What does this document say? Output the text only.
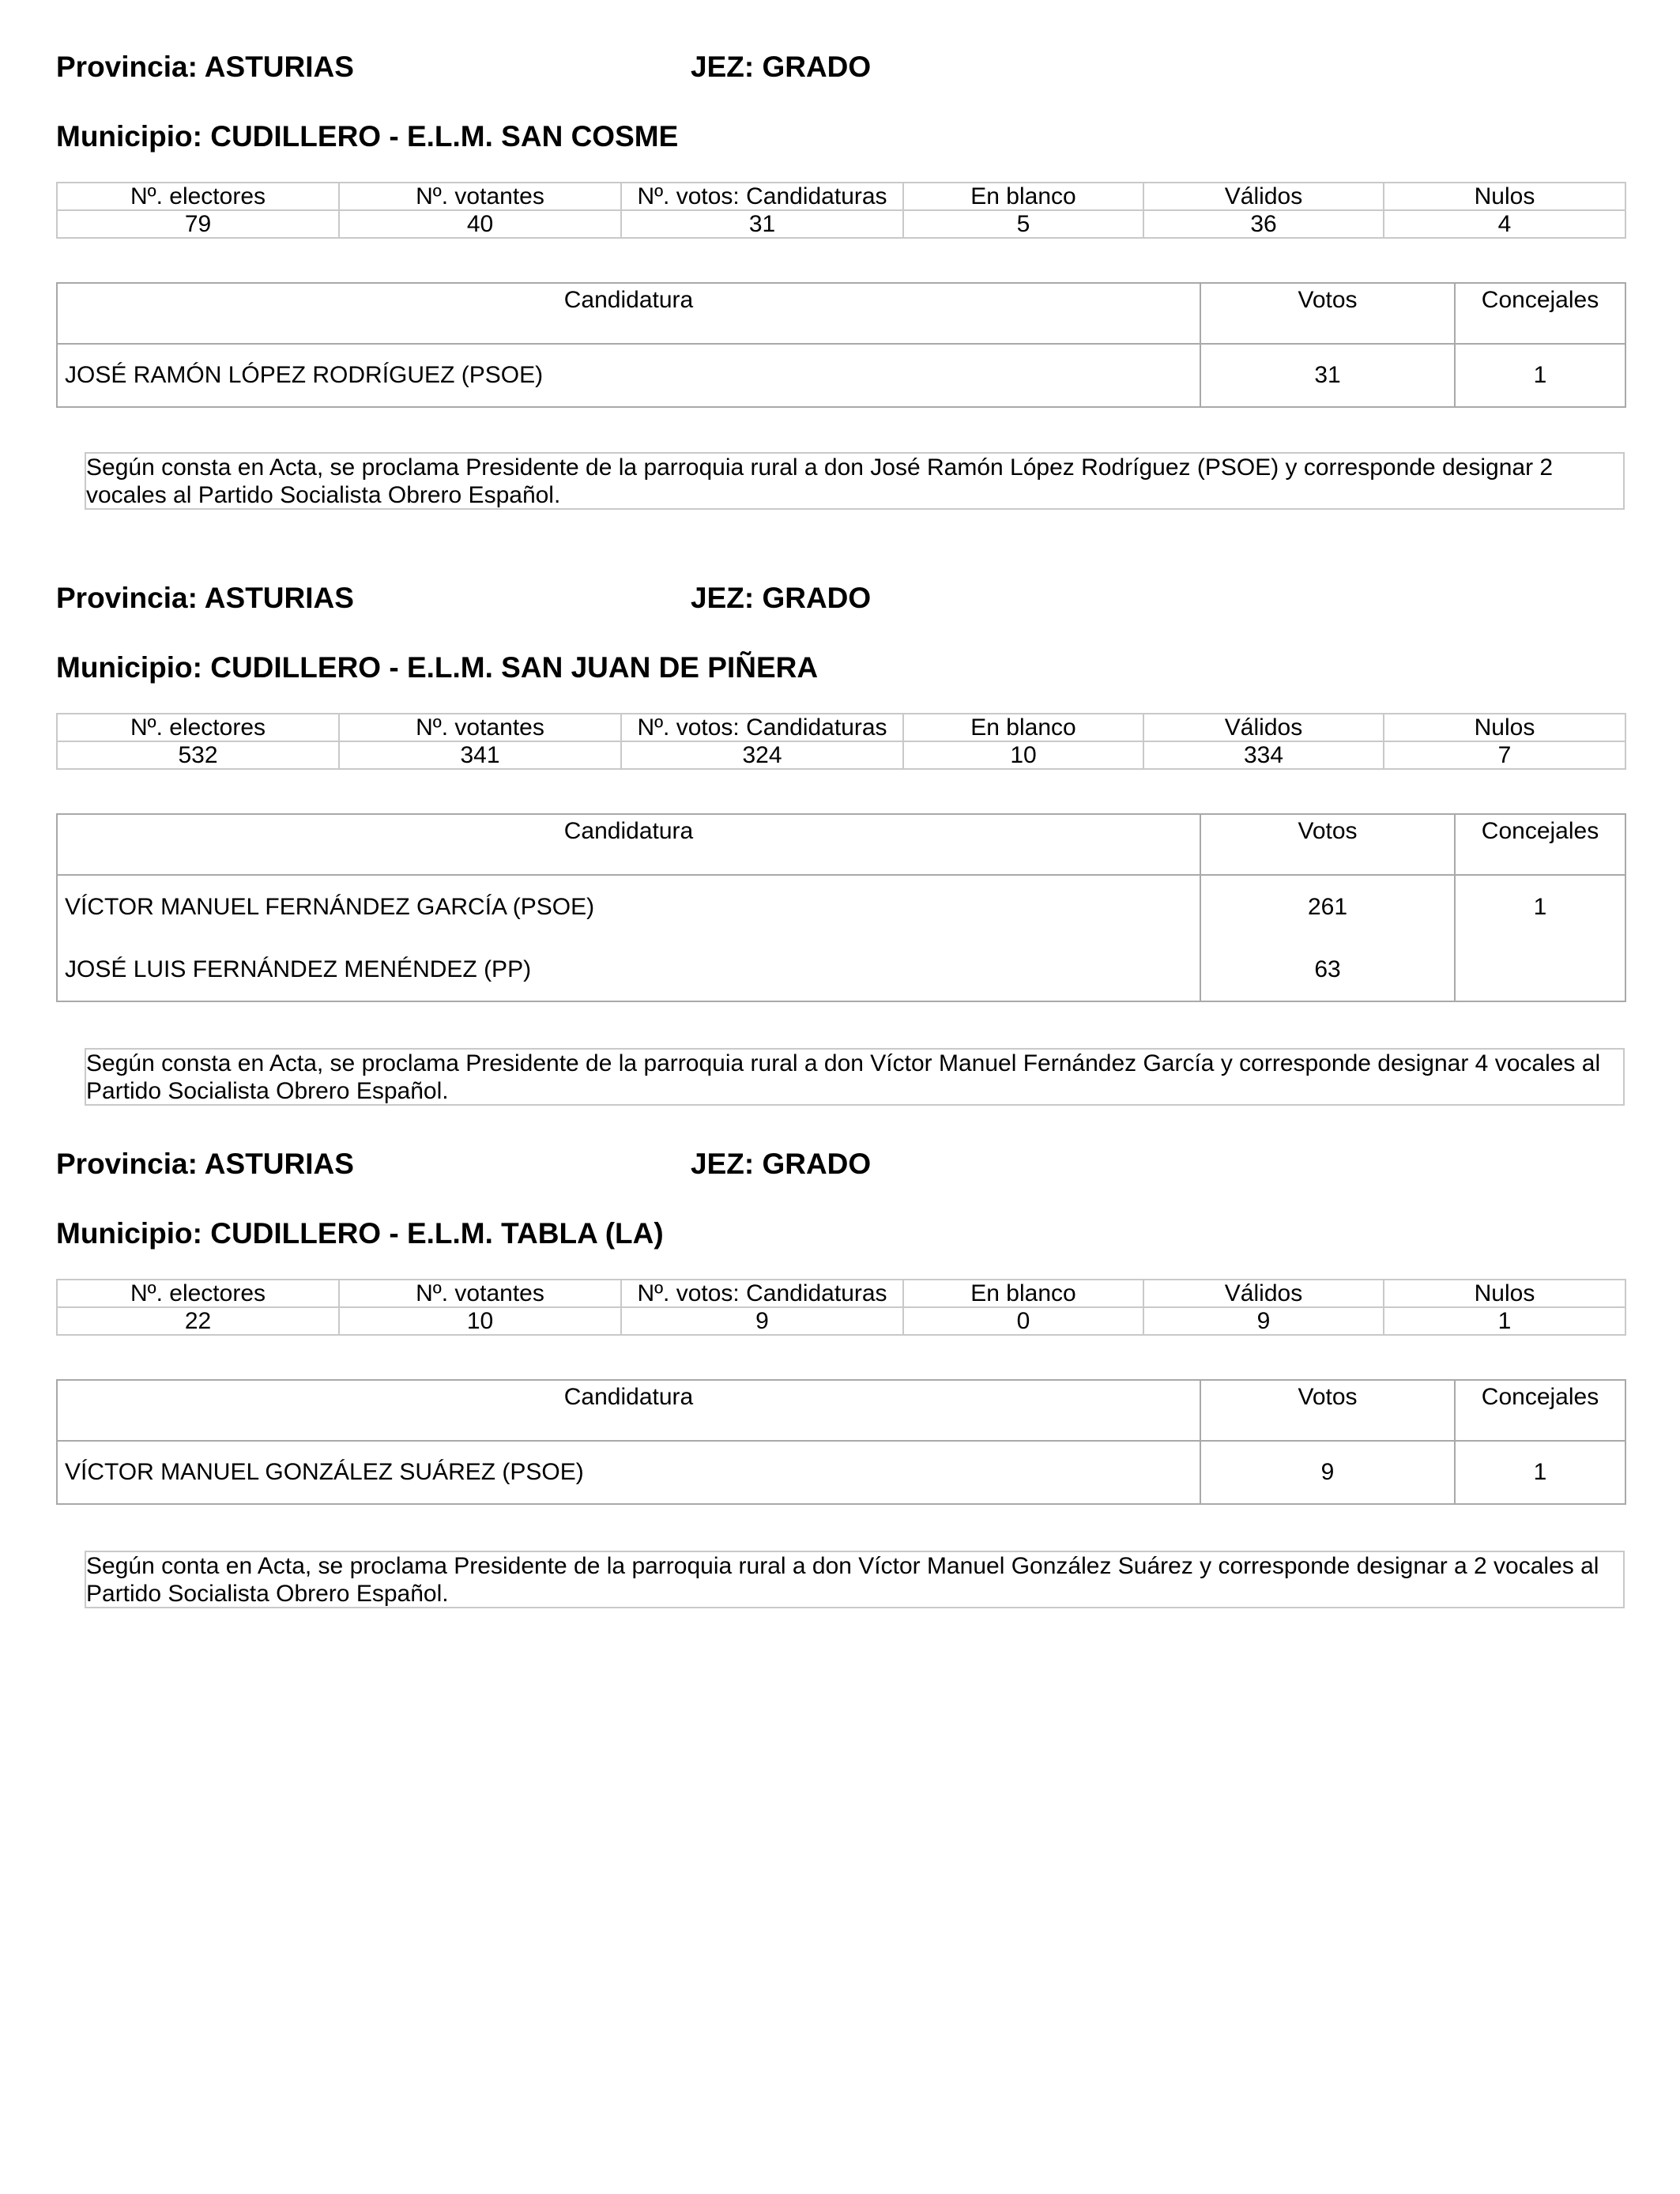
Provincia: ASTURIAS	JEZ: GRADO
Municipio: CUDILLERO - E.L.M. SAN COSME
Nº. electores	Nº. votantes	Nº. votos: Candidaturas	En blanco	Válidos	Nulos
79	40	31	5	36	4
Candidatura	Votos	Concejales
JOSÉ RAMÓN LÓPEZ RODRÍGUEZ (PSOE)	31	1
Según consta en Acta, se proclama Presidente de la parroquia rural a don José Ramón López Rodríguez (PSOE) y corresponde designar 2 vocales al Partido Socialista Obrero Español.
Provincia: ASTURIAS	JEZ: GRADO
Municipio: CUDILLERO - E.L.M. SAN JUAN DE PIÑERA
Nº. electores	Nº. votantes	Nº. votos: Candidaturas	En blanco	Válidos	Nulos
532	341	324	10	334	7
Candidatura	Votos	Concejales
VÍCTOR MANUEL FERNÁNDEZ GARCÍA (PSOE)	261	1
JOSÉ LUIS FERNÁNDEZ MENÉNDEZ (PP)	63	
Según consta en Acta, se proclama Presidente de la parroquia rural a don Víctor Manuel Fernández García y corresponde designar 4 vocales al Partido Socialista Obrero Español.
Provincia: ASTURIAS	JEZ: GRADO
Municipio: CUDILLERO - E.L.M. TABLA (LA)
Nº. electores	Nº. votantes	Nº. votos: Candidaturas	En blanco	Válidos	Nulos
22	10	9	0	9	1
Candidatura	Votos	Concejales
VÍCTOR MANUEL GONZÁLEZ SUÁREZ (PSOE)	9	1
Según conta en Acta, se proclama Presidente de la parroquia rural a don Víctor Manuel González Suárez y corresponde designar a 2 vocales al Partido Socialista Obrero Español.
